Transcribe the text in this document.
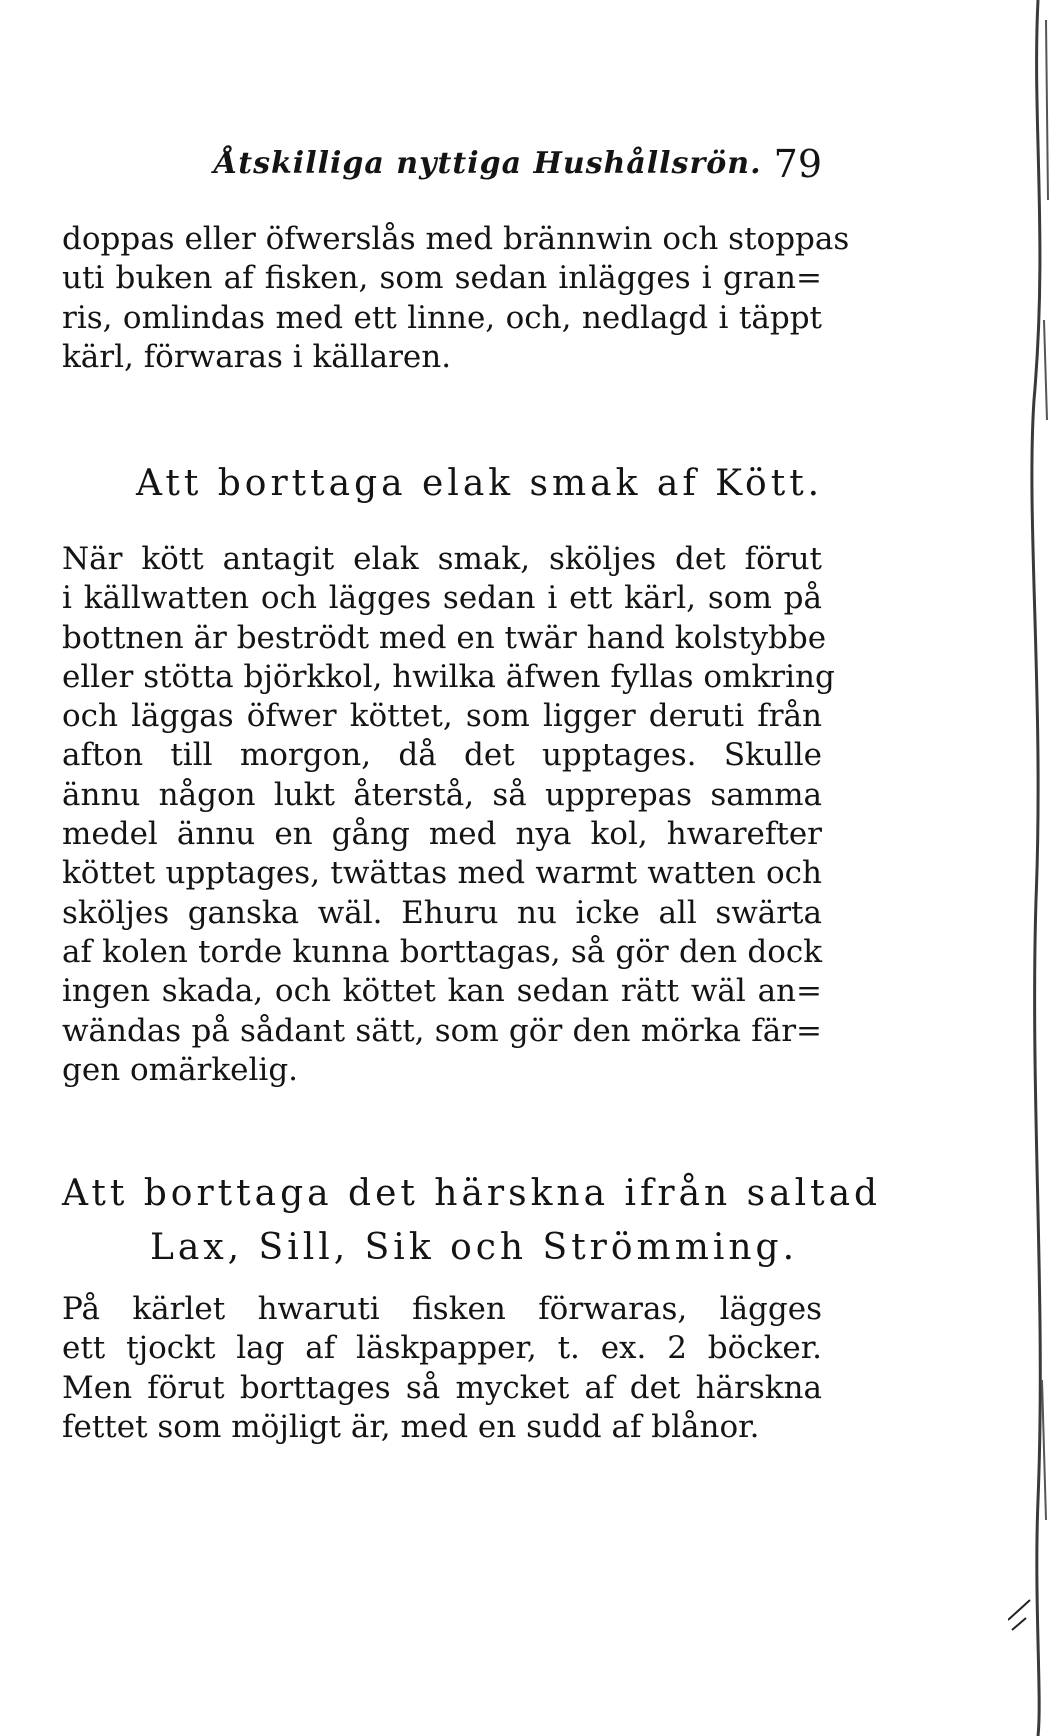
Åtskilliga nyttiga Hushållsrön. 79
doppas eller öfwerslås med brännwin och stoppas
uti buken af fisken, som sedan inlägges i gran=
ris, omlindas med ett linne, och, nedlagd i täppt
kärl, förwaras i källaren.
Att borttaga elak smak af Kött.
När kött antagit elak smak, sköljes det förut
i källwatten och lägges sedan i ett kärl, som på
bottnen är beströdt med en twär hand kolstybbe
eller stötta björkkol, hwilka äfwen fyllas omkring
och läggas öfwer köttet, som ligger deruti från
afton till morgon, då det upptages. Skulle
ännu någon lukt återstå, så upprepas samma
medel ännu en gång med nya kol, hwarefter
köttet upptages, twättas med warmt watten och
sköljes ganska wäl. Ehuru nu icke all swärta
af kolen torde kunna borttagas, så gör den dock
ingen skada, och köttet kan sedan rätt wäl an=
wändas på sådant sätt, som gör den mörka fär=
gen omärkelig.
Att borttaga det härskna ifrån saltad
Lax, Sill, Sik och Strömming.
På kärlet hwaruti fisken förwaras, lägges
ett tjockt lag af läskpapper, t. ex. 2 böcker.
Men förut borttages så mycket af det härskna
fettet som möjligt är, med en sudd af blånor.
